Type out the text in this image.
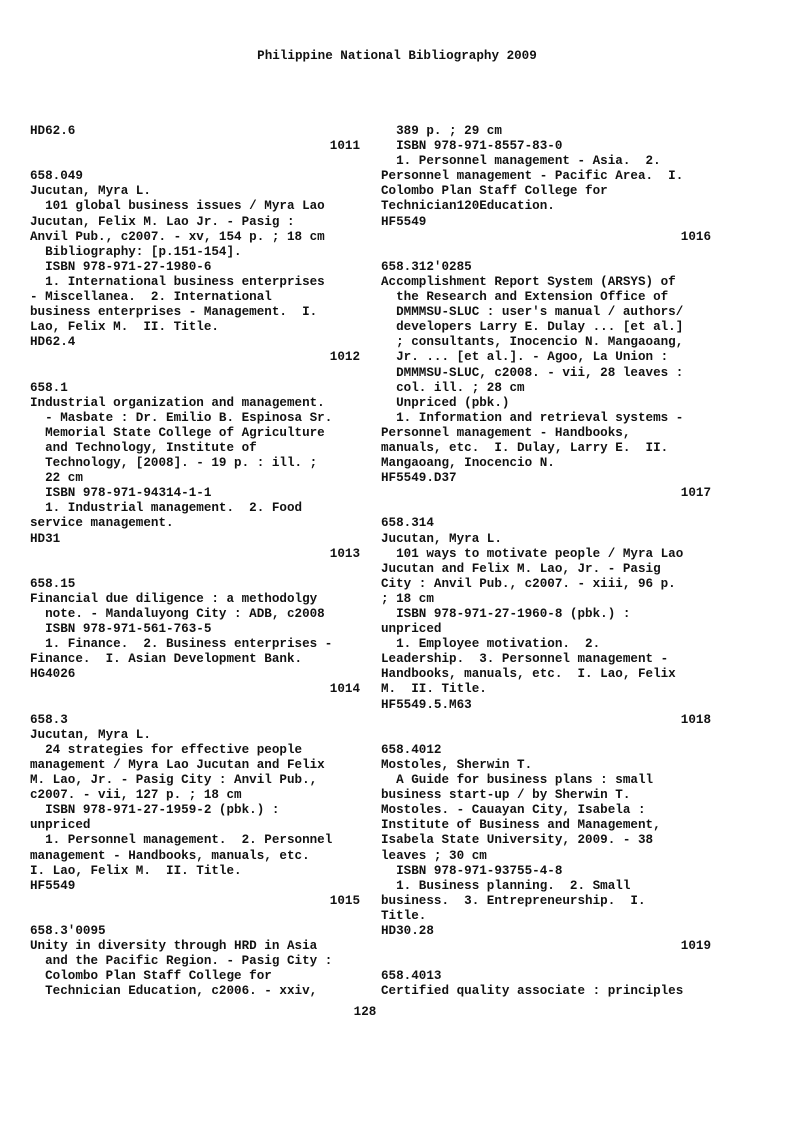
Philippine National Bibliography 2009
HD62.6
1011
658.049
Jucutan, Myra L.
101 global business issues / Myra Lao
Jucutan, Felix M. Lao Jr. - Pasig :
Anvil Pub., c2007. - xv, 154 p. ; 18 cm
Bibliography: [p.151-154].
ISBN 978-971-27-1980-6
1. International business enterprises
- Miscellanea.  2. International
business enterprises - Management.  I.
Lao, Felix M.  II. Title.
HD62.4
1012
658.1
Industrial organization and management.
- Masbate : Dr. Emilio B. Espinosa Sr.
Memorial State College of Agriculture
and Technology, Institute of
Technology, [2008]. - 19 p. : ill. ;
22 cm
ISBN 978-971-94314-1-1
1. Industrial management.  2. Food
service management.
HD31
1013
658.15
Financial due diligence : a methodolgy
note. - Mandaluyong City : ADB, c2008
ISBN 978-971-561-763-5
1. Finance.  2. Business enterprises -
Finance.  I. Asian Development Bank.
HG4026
1014
658.3
Jucutan, Myra L.
24 strategies for effective people
management / Myra Lao Jucutan and Felix
M. Lao, Jr. - Pasig City : Anvil Pub.,
c2007. - vii, 127 p. ; 18 cm
ISBN 978-971-27-1959-2 (pbk.) :
unpriced
1. Personnel management.  2. Personnel
management - Handbooks, manuals, etc.
I. Lao, Felix M.  II. Title.
HF5549
1015
658.3'0095
Unity in diversity through HRD in Asia
and the Pacific Region. - Pasig City :
Colombo Plan Staff College for
Technician Education, c2006. - xxiv,
389 p. ; 29 cm
ISBN 978-971-8557-83-0
1. Personnel management - Asia.  2.
Personnel management - Pacific Area.  I.
Colombo Plan Staff College for
Technician120Education.
HF5549
1016
658.312'0285
Accomplishment Report System (ARSYS) of
the Research and Extension Office of
DMMMSU-SLUC : user's manual / authors/
developers Larry E. Dulay ... [et al.]
; consultants, Inocencio N. Mangaoang,
Jr. ... [et al.]. - Agoo, La Union :
DMMMSU-SLUC, c2008. - vii, 28 leaves :
col. ill. ; 28 cm
Unpriced (pbk.)
1. Information and retrieval systems -
Personnel management - Handbooks,
manuals, etc.  I. Dulay, Larry E.  II.
Mangaoang, Inocencio N.
HF5549.D37
1017
658.314
Jucutan, Myra L.
101 ways to motivate people / Myra Lao
Jucutan and Felix M. Lao, Jr. - Pasig
City : Anvil Pub., c2007. - xiii, 96 p.
; 18 cm
ISBN 978-971-27-1960-8 (pbk.) :
unpriced
1. Employee motivation.  2.
Leadership.  3. Personnel management -
Handbooks, manuals, etc.  I. Lao, Felix
M.  II. Title.
HF5549.5.M63
1018
658.4012
Mostoles, Sherwin T.
A Guide for business plans : small
business start-up / by Sherwin T.
Mostoles. - Cauayan City, Isabela :
Institute of Business and Management,
Isabela State University, 2009. - 38
leaves ; 30 cm
ISBN 978-971-93755-4-8
1. Business planning.  2. Small
business.  3. Entrepreneurship.  I.
Title.
HD30.28
1019
658.4013
Certified quality associate : principles
128
